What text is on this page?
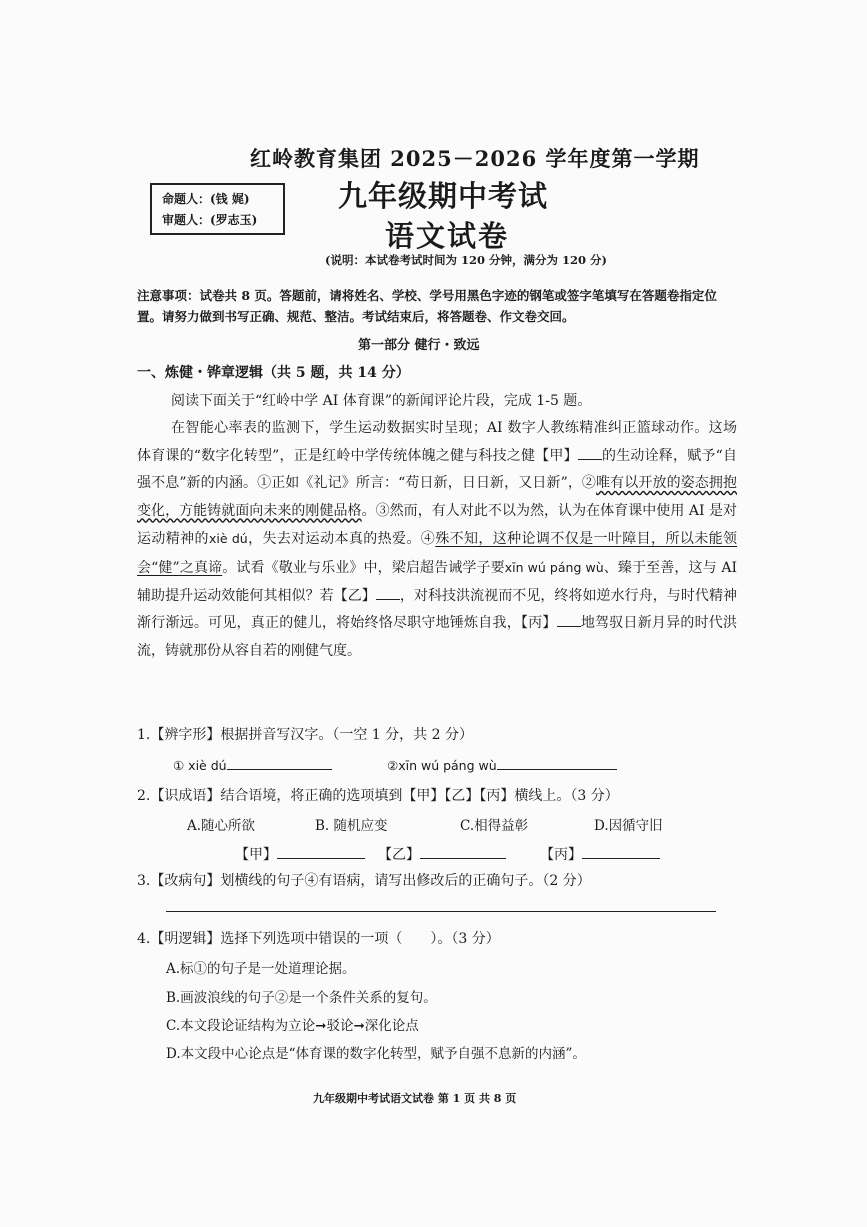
红岭教育集团 2025－2026 学年度第一学期
命题人：(钱 娓)
审题人：(罗志玉)
九年级期中考试
语文试卷
(说明：本试卷考试时间为 120 分钟，满分为 120 分)
注意事项：试卷共 8 页。答题前，请将姓名、学校、学号用黑色字迹的钢笔或签字笔填写在答题卷指定位置。请努力做到书写正确、规范、整洁。考试结束后，将答题卷、作文卷交回。
第一部分 健行・致远
一、炼健・铧章逻辑（共 5 题，共 14 分）
阅读下面关于“红岭中学 AI 体育课”的新闻评论片段，完成 1-5 题。
在智能心率表的监测下，学生运动数据实时呈现；AI 数字人教练精准纠正篮球动作。这场体育课的“数字化转型”，正是红岭中学传统体魄之健与科技之健【甲】 的生动诠释，赋予“自强不息”新的内涵。①正如《礼记》所言：“苟日新，日日新，又日新”，②唯有以开放的姿态拥抱变化，方能铸就面向未来的刚健品格。③然而，有人对此不以为然，认为在体育课中使用 AI 是对运动精神的xiè dú，失去对运动本真的热爱。④殊不知，这种论调不仅是一叶障目，所以未能领会“健”之真谛。试看《敬业与乐业》中，梁启超告诫学子要xīn wú páng wù、臻于至善，这与 AI 辅助提升运动效能何其相似？若【乙】 ，对科技洪流视而不见，终将如逆水行舟，与时代精神渐行渐远。可见，真正的健儿，将始终恪尽职守地锤炼自我，【丙】 地驾驭日新月异的时代洪流，铸就那份从容自若的刚健气度。
1.【辨字形】根据拼音写汉字。（一空 1 分，共 2 分）
① xiè dú	②xīn wú páng wù
2.【识成语】结合语境，将正确的选项填到【甲】【乙】【丙】横线上。（3 分）
A.随心所欲	B. 随机应变	C.相得益彰	D.因循守旧
【甲】	【乙】	【丙】
3.【改病句】划横线的句子④有语病，请写出修改后的正确句子。（2 分）
4.【明逻辑】选择下列选项中错误的一项（　　）。（3 分）
A.标①的句子是一处道理论据。
B.画波浪线的句子②是一个条件关系的复句。
C.本文段论证结构为立论➞驳论➞深化论点
D.本文段中心论点是“体育课的数字化转型，赋予自强不息新的内涵”。
九年级期中考试语文试卷 第 1 页 共 8 页
